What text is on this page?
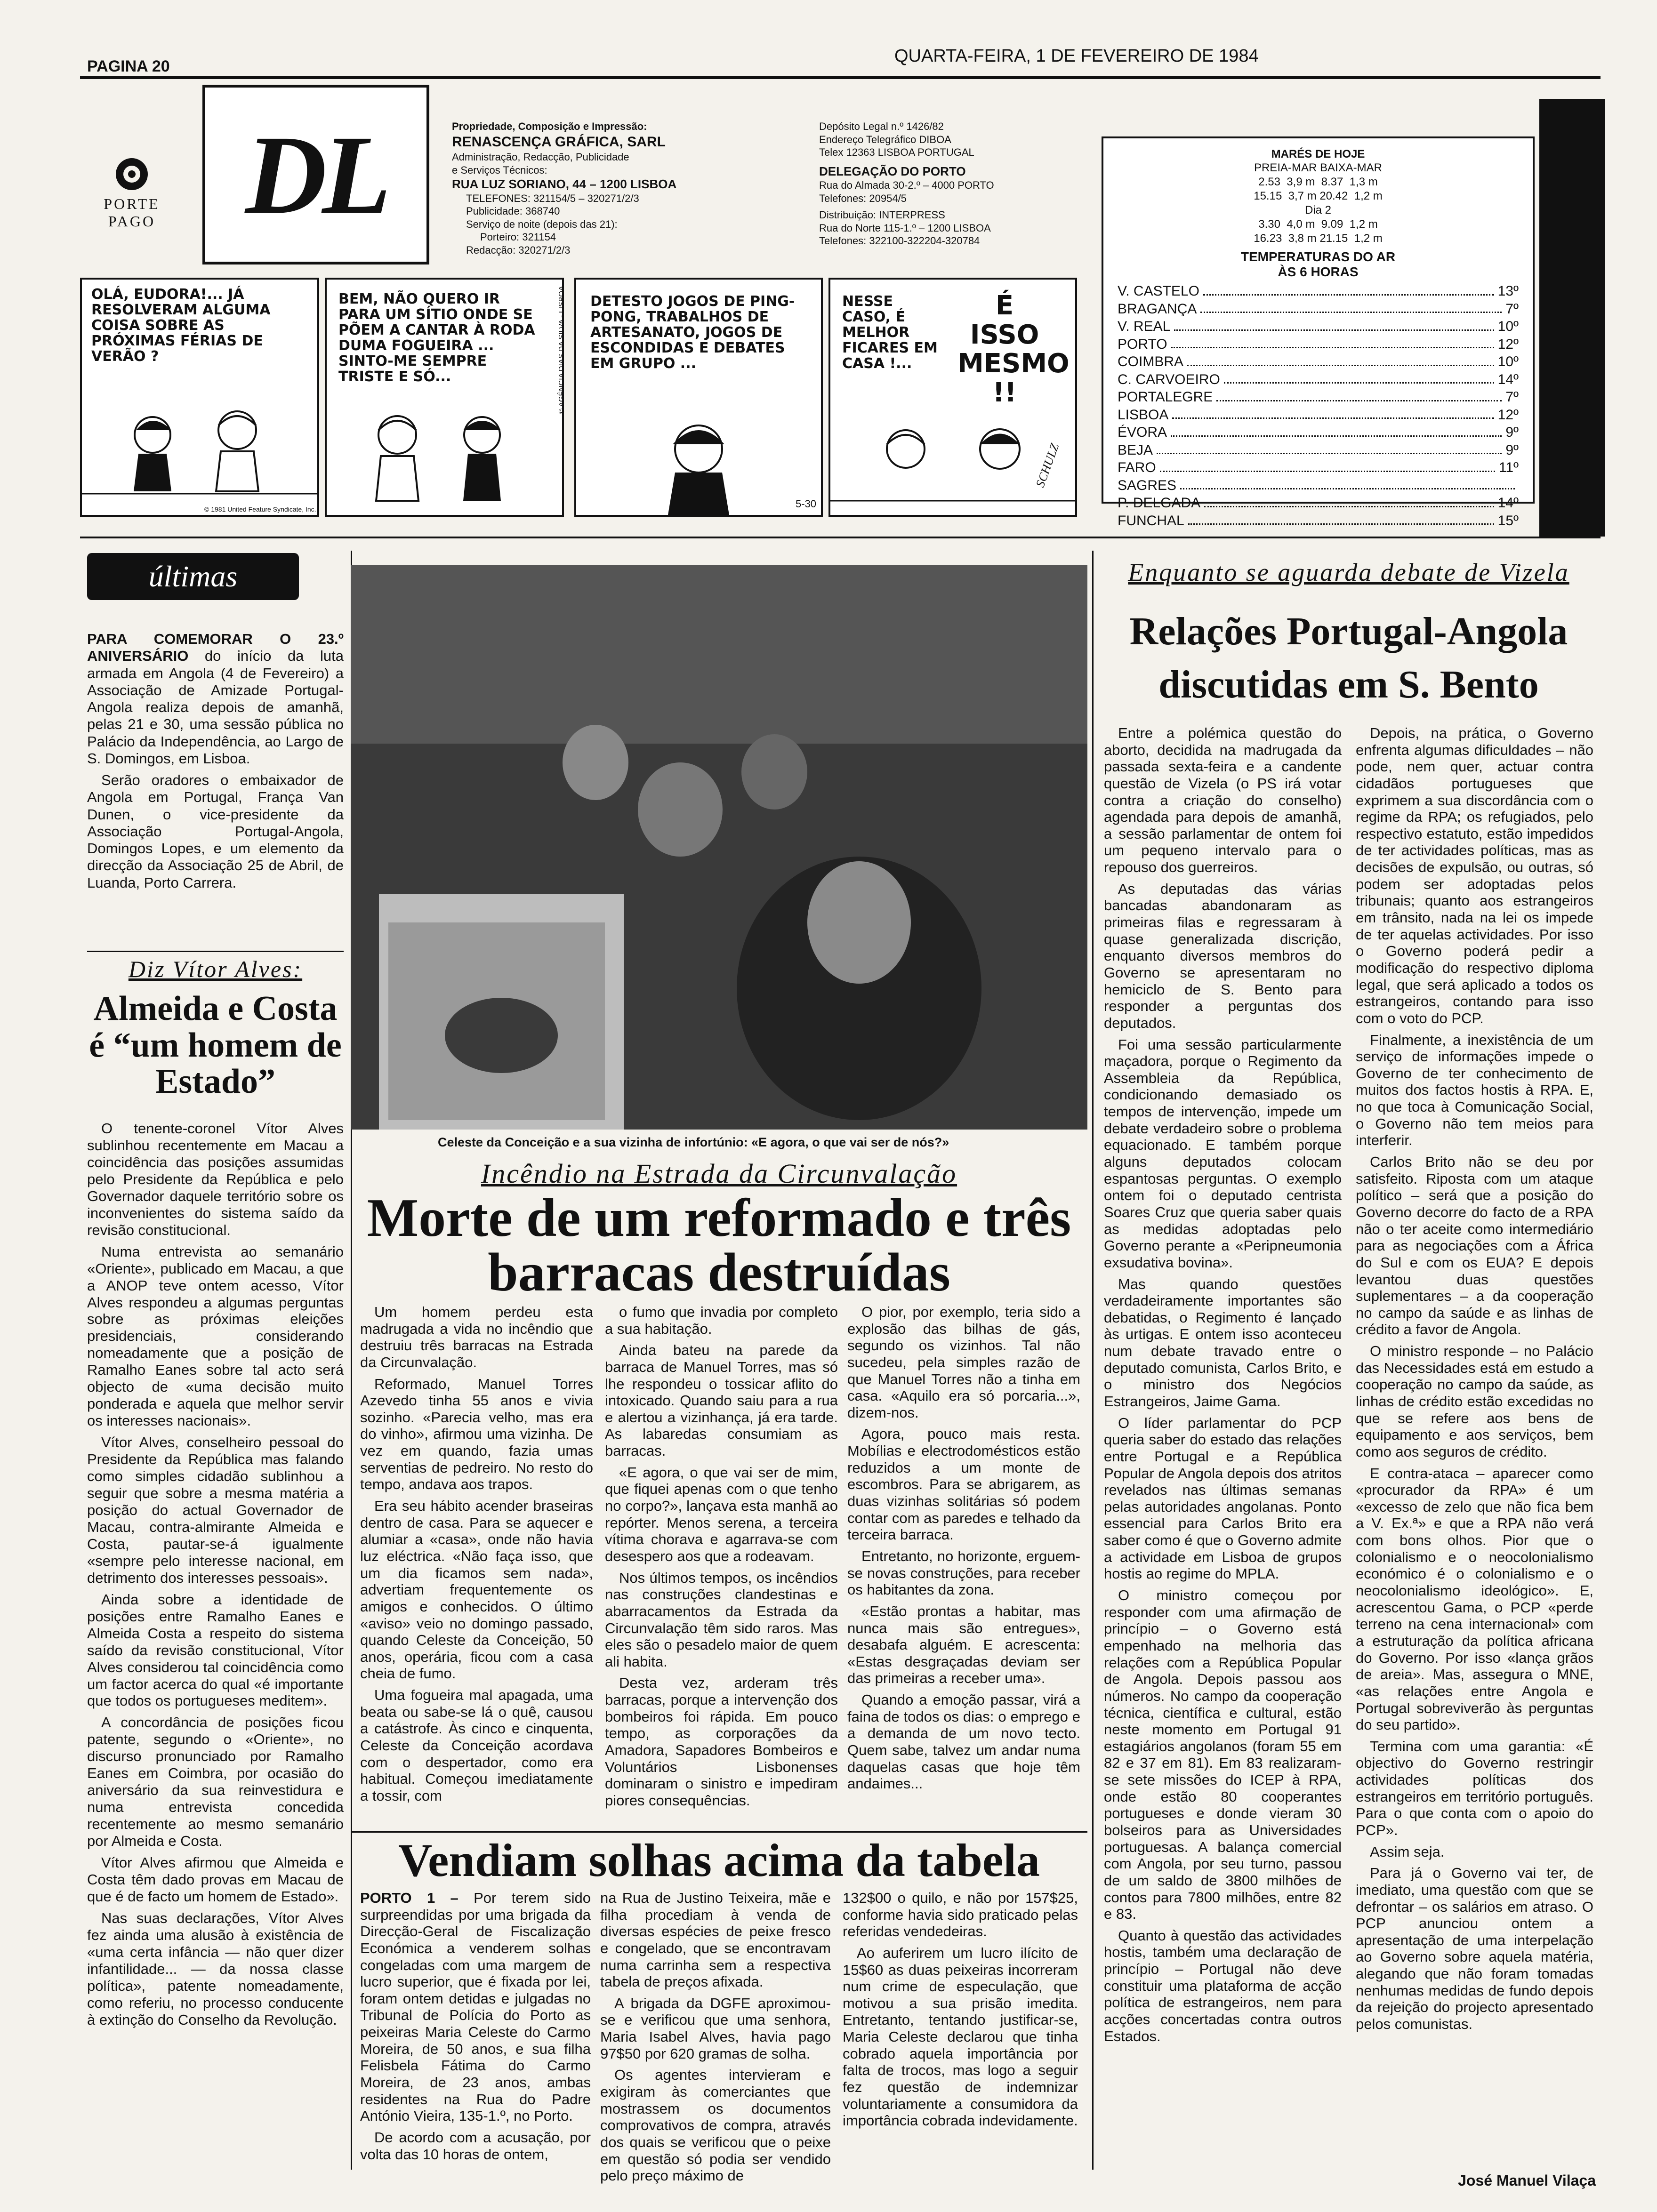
PAGINA 20
QUARTA-FEIRA, 1 DE FEVEREIRO DE 1984
PORTE
PAGO DL	Propriedade, Composição e Impressão:
RENASCENÇA GRÁFICA, SARL
Administração, Redacção, Publicidade
e Serviços Técnicos:
RUA LUZ SORIANO, 44 – 1200 LISBOA
TELEFONES: 321154/5 – 320271/2/3
Publicidade: 368740
Serviço de noite (depois das 21):
Porteiro: 321154
Redacção: 320271/2/3
Depósito Legal n.º 1426/82
Endereço Telegráfico DIBOA
Telex 12363 LISBOA PORTUGAL
DELEGAÇÃO DO PORTO
Rua do Almada 30-2.º – 4000 PORTO
Telefones: 20954/5
Distribuição: INTERPRESS
Rua do Norte 115-1.º – 1200 LISBOA
Telefones: 322100-322204-320784
MARÉS DE HOJE
PREIA-MAR BAIXA-MAR
2.53  3,9 m  8.37  1,3 m
15.15  3,7 m 20.42  1,2 m
Dia 2
3.30  4,0 m  9.09  1,2 m
16.23  3,8 m 21.15  1,2 m
TEMPERATURAS DO AR
ÀS 6 HORAS
V. CASTELO	13º
BRAGANÇA	7º
V. REAL	10º
PORTO	12º
COIMBRA	10º
C. CARVOEIRO	14º
PORTALEGRE	7º
LISBOA	12º
ÉVORA	9º
BEJA	9º
FARO	11º
SAGRES
P. DELGADA	14º
FUNCHAL	15º
OLÁ, EUDORA!... JÁ RESOLVERAM ALGUMA COISA SOBRE AS PRÓXIMAS FÉRIAS DE VERÃO ?
© 1981 United Feature Syndicate, Inc.
BEM, NÃO QUERO IR PARA UM SÍTIO ONDE SE PÕEM A CANTAR À RODA DUMA FOGUEIRA ... SINTO-ME SEMPRE TRISTE E SÓ...	© AGÊNCIA DIAS DA SILVA - LISBOA DETESTO JOGOS DE PING-PONG, TRABALHOS DE ARTESANATO, JOGOS DE ESCONDIDAS E DEBATES EM GRUPO ...
5-30
NESSE CASO, É MELHOR FICARES EM CASA !...
É ISSO MESMO !!
SCHULZ
últimas

PARA COMEMORAR O 23.º ANIVERSÁRIO do início da luta armada em Angola (4 de Fevereiro) a Associação de Amizade Portugal-Angola realiza depois de amanhã, pelas 21 e 30, uma sessão pública no Palácio da Independência, ao Largo de S. Domingos, em Lisboa.

Serão oradores o embaixador de Angola em Portugal, França Van Dunen, o vice-presidente da Associação Portugal-Angola, Domingos Lopes, e um elemento da direcção da Associação 25 de Abril, de Luanda, Porto Carrera.

Diz Vítor Alves:
Almeida e Costa é “um homem de Estado”

O tenente-coronel Vítor Alves sublinhou recentemente em Macau a coincidência das posições assumidas pelo Presidente da República e pelo Governador daquele território sobre os inconvenientes do sistema saído da revisão constitucional.

Numa entrevista ao semanário «Oriente», publicado em Macau, a que a ANOP teve ontem acesso, Vítor Alves respondeu a algumas perguntas sobre as próximas eleições presidenciais, considerando nomeadamente que a posição de Ramalho Eanes sobre tal acto será objecto de «uma decisão muito ponderada e aquela que melhor servir os interesses nacionais».

Vítor Alves, conselheiro pessoal do Presidente da República mas falando como simples cidadão sublinhou a seguir que sobre a mesma matéria a posição do actual Governador de Macau, contra-almirante Almeida e Costa, pautar-se-á igualmente «sempre pelo interesse nacional, em detrimento dos interesses pessoais».

Ainda sobre a identidade de posições entre Ramalho Eanes e Almeida Costa a respeito do sistema saído da revisão constitucional, Vítor Alves considerou tal coincidência como um factor acerca do qual «é importante que todos os portugueses meditem».

A concordância de posições ficou patente, segundo o «Oriente», no discurso pronunciado por Ramalho Eanes em Coimbra, por ocasião do aniversário da sua reinvestidura e numa entrevista concedida recentemente ao mesmo semanário por Almeida e Costa.

Vítor Alves afirmou que Almeida e Costa têm dado provas em Macau de que é de facto um homem de Estado».

Nas suas declarações, Vítor Alves fez ainda uma alusão à existência de «uma certa infância — não quer dizer infantilidade... — da nossa classe política», patente nomeadamente, como referiu, no processo conducente à extinção do Conselho da Revolução.

Celeste da Conceição e a sua vizinha de infortúnio: «E agora, o que vai ser de nós?»
Incêndio na Estrada da Circunvalação
Morte de um reformado e três barracas destruídas

Um homem perdeu esta madrugada a vida no incêndio que destruiu três barracas na Estrada da Circunvalação.

Reformado, Manuel Torres Azevedo tinha 55 anos e vivia sozinho. «Parecia velho, mas era do vinho», afirmou uma vizinha. De vez em quando, fazia umas serventias de pedreiro. No resto do tempo, andava aos trapos.

Era seu hábito acender braseiras dentro de casa. Para se aquecer e alumiar a «casa», onde não havia luz eléctrica. «Não faça isso, que um dia ficamos sem nada», advertiam frequentemente os amigos e conhecidos. O último «aviso» veio no domingo passado, quando Celeste da Conceição, 50 anos, operária, ficou com a casa cheia de fumo.

Uma fogueira mal apagada, uma beata ou sabe-se lá o quê, causou a catástrofe. Às cinco e cinquenta, Celeste da Conceição acordava com o despertador, como era habitual. Começou imediatamente a tossir, com

o fumo que invadia por completo a sua habitação.

Ainda bateu na parede da barraca de Manuel Torres, mas só lhe respondeu o tossicar aflito do intoxicado. Quando saiu para a rua e alertou a vizinhança, já era tarde. As labaredas consumiam as barracas.

«E agora, o que vai ser de mim, que fiquei apenas com o que tenho no corpo?», lançava esta manhã ao repórter. Menos serena, a terceira vítima chorava e agarrava-se com desespero aos que a rodeavam.

Nos últimos tempos, os incêndios nas construções clandestinas e abarracamentos da Estrada da Circunvalação têm sido raros. Mas eles são o pesadelo maior de quem ali habita.

Desta vez, arderam três barracas, porque a intervenção dos bombeiros foi rápida. Em pouco tempo, as corporações da Amadora, Sapadores Bombeiros e Voluntários Lisbonenses dominaram o sinistro e impediram piores consequências.

O pior, por exemplo, teria sido a explosão das bilhas de gás, segundo os vizinhos. Tal não sucedeu, pela simples razão de que Manuel Torres não a tinha em casa. «Aquilo era só porcaria...», dizem-nos.

Agora, pouco mais resta. Mobílias e electrodomésticos estão reduzidos a um monte de escombros. Para se abrigarem, as duas vizinhas solitárias só podem contar com as paredes e telhado da terceira barraca.

Entretanto, no horizonte, erguem-se novas construções, para receber os habitantes da zona.

«Estão prontas a habitar, mas nunca mais são entregues», desabafa alguém. E acrescenta: «Estas desgraçadas deviam ser das primeiras a receber uma».

Quando a emoção passar, virá a faina de todos os dias: o emprego e a demanda de um novo tecto. Quem sabe, talvez um andar numa daquelas casas que hoje têm andaimes...

Vendiam solhas acima da tabela

PORTO 1 – Por terem sido surpreendidas por uma brigada da Direcção-Geral de Fiscalização Económica a venderem solhas congeladas com uma margem de lucro superior, que é fixada por lei, foram ontem detidas e julgadas no Tribunal de Polícia do Porto as peixeiras Maria Celeste do Carmo Moreira, de 50 anos, e sua filha Felisbela Fátima do Carmo Moreira, de 23 anos, ambas residentes na Rua do Padre António Vieira, 135-1.º, no Porto.

De acordo com a acusação, por volta das 10 horas de ontem,

na Rua de Justino Teixeira, mãe e filha procediam à venda de diversas espécies de peixe fresco e congelado, que se encontravam numa carrinha sem a respectiva tabela de preços afixada.

A brigada da DGFE aproximou-se e verificou que uma senhora, Maria Isabel Alves, havia pago 97$50 por 620 gramas de solha.

Os agentes intervieram e exigiram às comerciantes que mostrassem os documentos comprovativos de compra, através dos quais se verificou que o peixe em questão só podia ser vendido pelo preço máximo de

132$00 o quilo, e não por 157$25, conforme havia sido praticado pelas referidas vendedeiras.

Ao auferirem um lucro ilícito de 15$60 as duas peixeiras incorreram num crime de especulação, que motivou a sua prisão imedita. Entretanto, tentando justificar-se, Maria Celeste declarou que tinha cobrado aquela importância por falta de trocos, mas logo a seguir fez questão de indemnizar voluntariamente a consumidora da importância cobrada indevidamente.

Enquanto se aguarda debate de Vizela
Relações Portugal-Angola discutidas em S. Bento

Entre a polémica questão do aborto, decidida na madrugada da passada sexta-feira e a candente questão de Vizela (o PS irá votar contra a criação do conselho) agendada para depois de amanhã, a sessão parlamentar de ontem foi um pequeno intervalo para o repouso dos guerreiros.

As deputadas das várias bancadas abandonaram as primeiras filas e regressaram à quase generalizada discrição, enquanto diversos membros do Governo se apresentaram no hemiciclo de S. Bento para responder a perguntas dos deputados.

Foi uma sessão particularmente maçadora, porque o Regimento da Assembleia da República, condicionando demasiado os tempos de intervenção, impede um debate verdadeiro sobre o problema equacionado. E também porque alguns deputados colocam espantosas perguntas. O exemplo ontem foi o deputado centrista Soares Cruz que queria saber quais as medidas adoptadas pelo Governo perante a «Peripneumonia exsudativa bovina».

Mas quando questões verdadeiramente importantes são debatidas, o Regimento é lançado às urtigas. E ontem isso aconteceu num debate travado entre o deputado comunista, Carlos Brito, e o ministro dos Negócios Estrangeiros, Jaime Gama.

O líder parlamentar do PCP queria saber do estado das relações entre Portugal e a República Popular de Angola depois dos atritos revelados nas últimas semanas pelas autoridades angolanas. Ponto essencial para Carlos Brito era saber como é que o Governo admite a actividade em Lisboa de grupos hostis ao regime do MPLA.

O ministro começou por responder com uma afirmação de princípio – o Governo está empenhado na melhoria das relações com a República Popular de Angola. Depois passou aos números. No campo da cooperação técnica, científica e cultural, estão neste momento em Portugal 91 estagiários angolanos (foram 55 em 82 e 37 em 81). Em 83 realizaram-se sete missões do ICEP à RPA, onde estão 80 cooperantes portugueses e donde vieram 30 bolseiros para as Universidades portuguesas. A balança comercial com Angola, por seu turno, passou de um saldo de 3800 milhões de contos para 7800 milhões, entre 82 e 83.

Quanto à questão das actividades hostis, também uma declaração de princípio – Portugal não deve constituir uma plataforma de acção política de estrangeiros, nem para acções concertadas contra outros Estados.

Depois, na prática, o Governo enfrenta algumas dificuldades – não pode, nem quer, actuar contra cidadãos portugueses que exprimem a sua discordância com o regime da RPA; os refugiados, pelo respectivo estatuto, estão impedidos de ter actividades políticas, mas as decisões de expulsão, ou outras, só podem ser adoptadas pelos tribunais; quanto aos estrangeiros em trânsito, nada na lei os impede de ter aquelas actividades. Por isso o Governo poderá pedir a modificação do respectivo diploma legal, que será aplicado a todos os estrangeiros, contando para isso com o voto do PCP.

Finalmente, a inexistência de um serviço de informações impede o Governo de ter conhecimento de muitos dos factos hostis à RPA. E, no que toca à Comunicação Social, o Governo não tem meios para interferir.

Carlos Brito não se deu por satisfeito. Riposta com um ataque político – será que a posição do Governo decorre do facto de a RPA não o ter aceite como intermediário para as negociações com a África do Sul e com os EUA? E depois levantou duas questões suplementares – a da cooperação no campo da saúde e as linhas de crédito a favor de Angola.

O ministro responde – no Palácio das Necessidades está em estudo a cooperação no campo da saúde, as linhas de crédito estão excedidas no que se refere aos bens de equipamento e aos serviços, bem como aos seguros de crédito.

E contra-ataca – aparecer como «procurador da RPA» é um «excesso de zelo que não fica bem a V. Ex.ª» e que a RPA não verá com bons olhos. Pior que o colonialismo e o neocolonialismo económico é o colonialismo e o neocolonialismo ideológico». E, acrescentou Gama, o PCP «perde terreno na cena internacional» com a estruturação da política africana do Governo. Por isso «lança grãos de areia». Mas, assegura o MNE, «as relações entre Angola e Portugal sobreviverão às perguntas do seu partido».

Termina com uma garantia: «É objectivo do Governo restringir actividades políticas dos estrangeiros em território português. Para o que conta com o apoio do PCP».

Assim seja.

Para já o Governo vai ter, de imediato, uma questão com que se defrontar – os salários em atraso. O PCP anunciou ontem a apresentação de uma interpelação ao Governo sobre aquela matéria, alegando que não foram tomadas nenhumas medidas de fundo depois da rejeição do projecto apresentado pelos comunistas.

José Manuel Vilaça
